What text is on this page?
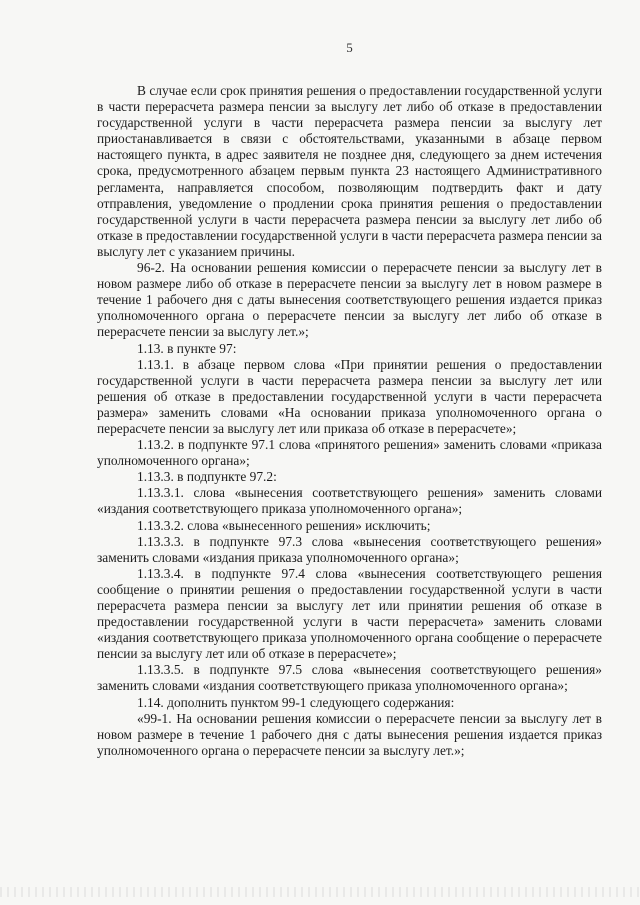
5

В случае если срок принятия решения о предоставлении государственной услуги в части перерасчета размера пенсии за выслугу лет либо об отказе в предоставлении государственной услуги в части перерасчета размера пенсии за выслугу лет приостанавливается в связи с обстоятельствами, указанными в абзаце первом настоящего пункта, в адрес заявителя не позднее дня, следующего за днем истечения срока, предусмотренного абзацем первым пункта 23 настоящего Административного регламента, направляется способом, позволяющим подтвердить факт и дату отправления, уведомление о продлении срока принятия решения о предоставлении государственной услуги в части перерасчета размера пенсии за выслугу лет либо об отказе в предоставлении государственной услуги в части перерасчета размера пенсии за выслугу лет с указанием причины.

96-2. На основании решения комиссии о перерасчете пенсии за выслугу лет в новом размере либо об отказе в перерасчете пенсии за выслугу лет в новом размере в течение 1 рабочего дня с даты вынесения соответствующего решения издается приказ уполномоченного органа о перерасчете пенсии за выслугу лет либо об отказе в перерасчете пенсии за выслугу лет.»;

1.13. в пункте 97:

1.13.1. в абзаце первом слова «При принятии решения о предоставлении государственной услуги в части перерасчета размера пенсии за выслугу лет или решения об отказе в предоставлении государственной услуги в части перерасчета размера» заменить словами «На основании приказа уполномоченного органа о перерасчете пенсии за выслугу лет или приказа об отказе в перерасчете»;

1.13.2. в подпункте 97.1 слова «принятого решения» заменить словами «приказа уполномоченного органа»;

1.13.3. в подпункте 97.2:

1.13.3.1. слова «вынесения соответствующего решения» заменить словами «издания соответствующего приказа уполномоченного органа»;

1.13.3.2. слова «вынесенного решения» исключить;

1.13.3.3. в подпункте 97.3 слова «вынесения соответствующего решения» заменить словами «издания приказа уполномоченного органа»;

1.13.3.4. в подпункте 97.4 слова «вынесения соответствующего решения сообщение о принятии решения о предоставлении государственной услуги в части перерасчета размера пенсии за выслугу лет или принятии решения об отказе в предоставлении государственной услуги в части перерасчета» заменить словами «издания соответствующего приказа уполномоченного органа сообщение о перерасчете пенсии за выслугу лет или об отказе в перерасчете»;

1.13.3.5. в подпункте 97.5 слова «вынесения соответствующего решения» заменить словами «издания соответствующего приказа уполномоченного органа»;

1.14. дополнить пунктом 99-1 следующего содержания:

«99-1. На основании решения комиссии о перерасчете пенсии за выслугу лет в новом размере в течение 1 рабочего дня с даты вынесения решения издается приказ уполномоченного органа о перерасчете пенсии за выслугу лет.»;
